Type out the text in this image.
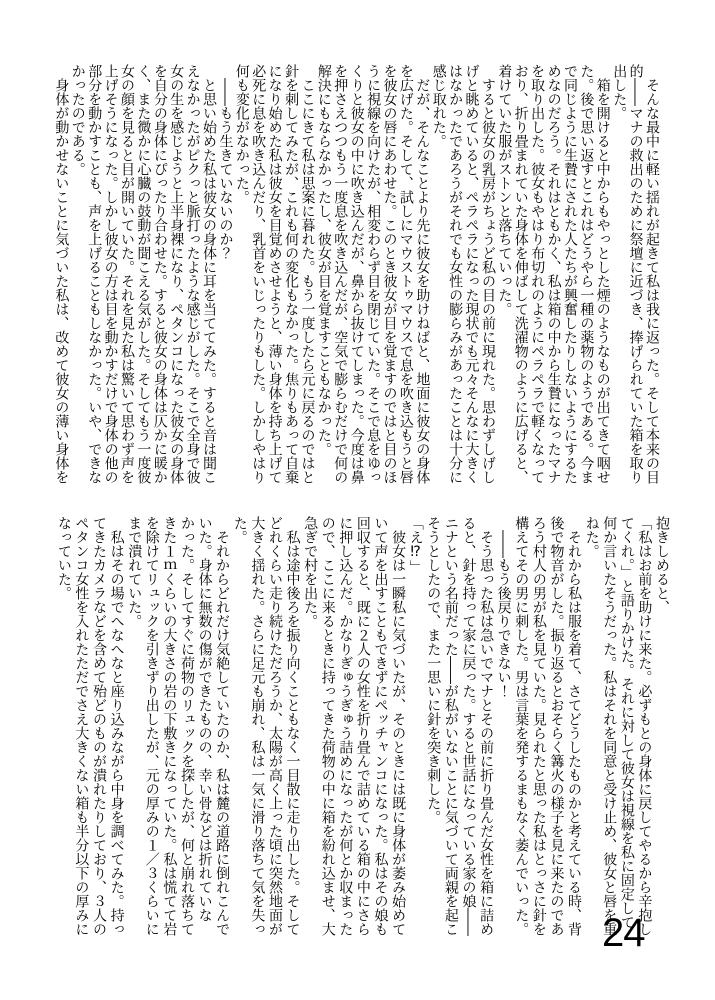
　そんな最中に軽い揺れが起きて私は我に返った。そして本来の目的――マナの救出のために祭壇に近づき、捧げられていた箱を取り出した。

　箱を開けると中からもやっとした煙のようなものが出てきて咽せた。後で思い返すとこれはどうやら一種の薬物のようである。今まで同じように生贄にされた人たちが興奮したりしないようにするためなのだろう。それはともかく、私は箱の中から生贄になったマナを取り出した。彼女もやはり布切れのようにペラペラで軽くなっており、折り畳まれていた身体を伸ばして洗濯物のように広げると、着けていた服がストンと落ちていった。

　すると彼女の乳房がちょうど私の目の前に現れた。思わずしげしげと眺めていると、ペラペラになった現状でも元々そんなに大きくはなかったであろうがそれでも女性の膨らみがあったことは十分に感じ取れた。

　だが、そんなことより先に彼女を助けねばと、地面に彼女の身体を広げた。そして、試しにマウストゥマウスで息を吹き込もうと唇を彼女の唇にあわせた。このとき彼女が目を覚ますのではと目のほうに視線を向けたが、相変わらず目を閉じていた。そこで息をゆっくりと彼女の中に吹き込んだが、鼻から抜けてしまった。今度は鼻を押さえつつもう一度息を吹き込んだが、空気で膨らむだけで何の解決にもならなかったし、彼女が目を覚ますこともなかった。

　ここにきて私は思案に暮れた。もう一度したら元に戻るのではと針を刺してみたが、これも何の変化もなかった。焦りもあって自棄になり始めた私は彼女を目覚めさせようと、薄い身体を持ち上げて必死に息を吹き込んだり、乳首をいじったりもした。しかしやはり何も変化がなかった。

　――もう生きていないのか？

　と思い始めた私は彼女の身体に耳を当ててみた。すると音は聞こえなかったがピクっと脈打ったような感じがした。そこで全身で彼女の生を感じようと上半身裸になり、ペタンコになった彼女の身体を自分の身体にぴったり合わせた。すると彼女の身体は仄かに暖かく、また微かに心臓の鼓動が聞こえる気がした。そしてもう一度彼女の顔を見ると目が開いていた。それを見た私は驚いて思わず声を上げそうになった。しかし彼女の方は目を動かすだけで身体の他の部分を動かすことも、声を上げることもしなかった。いや、できなかったのである。

　身体が動かせないことに気づいた私は、改めて彼女の薄い身体を

抱きしめると、

「私はお前を助けに来た。必ずもとの身体に戻してやるから辛抱してくれ。」と語りかけた。それに対して彼女は視線を私に固定して何か言いたそうだった。私はそれを同意と受け止め、彼女と唇を重ねた。

　それから私は服を着て、さてどうしたものかと考えている時、背後で物音がした。振り返るとおそらく篝火の様子を見に来たのであろう村人の男が私を見ていた。見られたと思った私はとっさに針を構えてその男に刺した。男は言葉を発するまもなく萎んでいった。

　――もう後戻りできない！

　そう思った私は急いでマナとその前に折り畳んだ女性を箱に詰めると、針を持って家に戻った。すると世話になっている家の娘――ニナという名前だった――が私がいないことに気づいて両親を起こそうとしたので、また一思いに針を突き刺した。

「え⁉」

　彼女は一瞬私に気づいたが、そのときには既に身体が萎み始めていて声を出すこともできずにペッチャンコになった。私はその娘も回収すると、既に２人の女性を折り畳んで詰めている箱の中にさらに押し込んだ。かなりぎゅうぎゅう詰めになったが何とか収まったので、ここに来るときに持ってきた荷物の中に箱を紛れ込ませ、大急ぎで村を出た。

　私は途中後ろを振り向くこともなく一目散に走り出した。そしてどれくらい走り続けただろうか、太陽が高く上った頃に突然地面が大きく揺れた。さらに足元も崩れ、私は一気に滑り落ちて気を失った。

　それからどれだけ気絶していたのか、私は麓の道路に倒れこんでいた。身体に無数の傷ができたものの、幸い骨などは折れていなかった。そしてすぐに荷物のリュックを探したが、何と崩れ落ちてきた１ｍくらいの大きさの岩の下敷きになっていた。私は慌てて岩を除けてリュックを引きずり出したが、元の厚みの１／３くらいにまで潰れていた。

　私はその場でへなへなと座り込みながら中身を調べてみた。持ってきたカメラなどを含めて殆どのものが潰れたりしており、３人のペタンコ女性を入れたただでさえ大きくない箱も半分以下の厚みになっていた。

24
